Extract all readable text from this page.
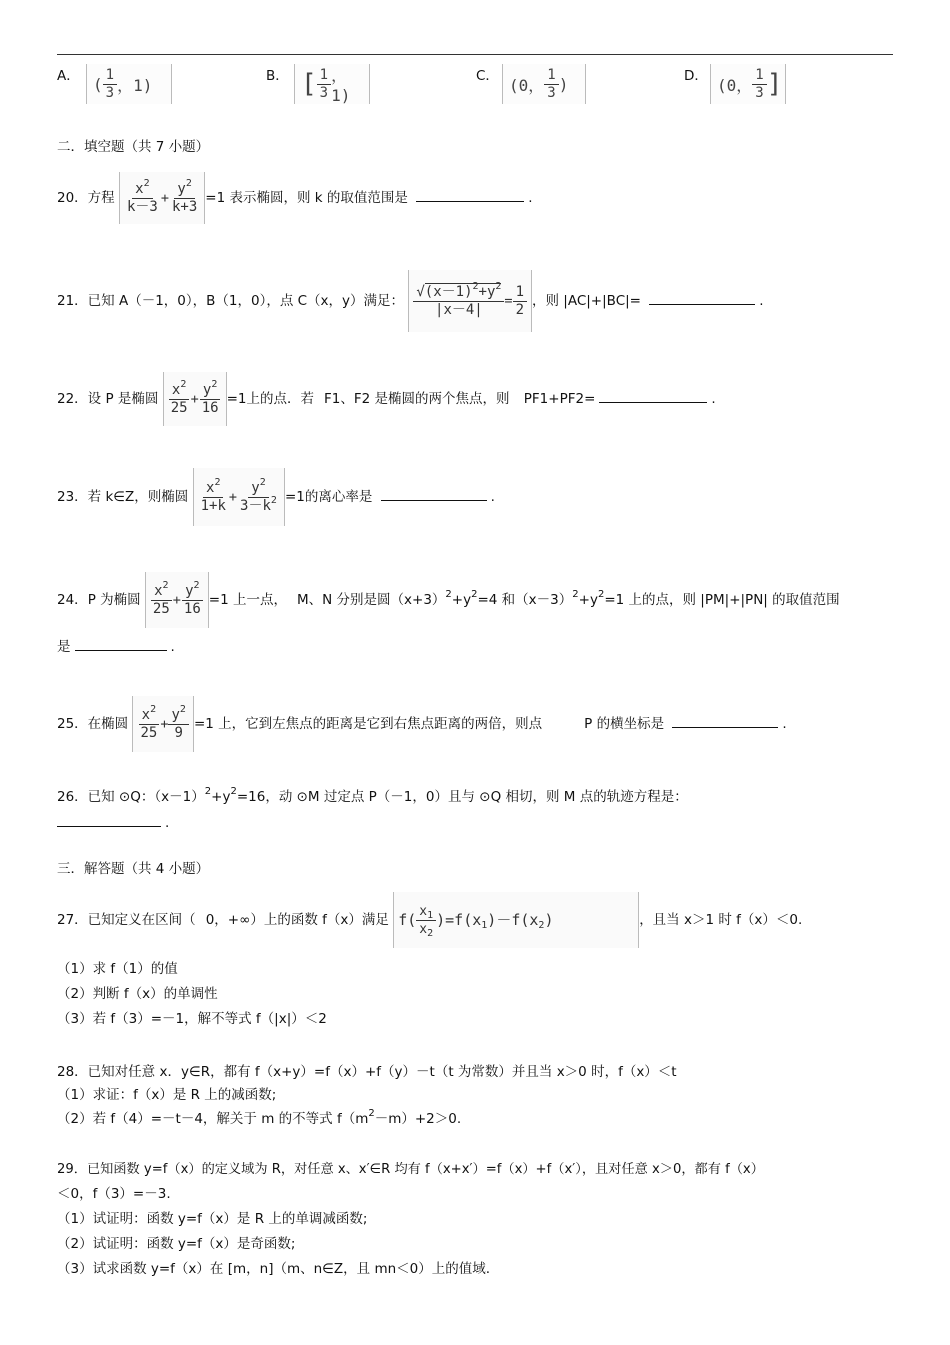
A． ( $\frac{1}{3}$ ，1)	B． [ $\frac{1}{3}$ ，1)
C． (0， $\frac{1}{3}$ )	D． (0， $\frac{1}{3}$ ]
二．填空题（共 7 小题）
20．方程 $\frac{x^2}{k-3} + \frac{y^2}{k+3} =1$ 表示椭圆，则 k 的取值范围是	.
21．已知 A（－1，0），B（1，0），点 C（x，y）满足： $\frac{√(x-1)^2+y^2}{|x-4|} = \frac{1}{2}$ ，则 |AC|+|BC|=	.
22．设 P 是椭圆 $\frac{x^2}{25} + \frac{y^2}{16} =1$上的点．若 F1、F2 是椭圆的两个焦点，则 PF1+PF2=	.
23．若 k∈Z，则椭圆 $\frac{x^2}{1+k} + \frac{y^2}{3-k^2} =1$的离心率是	.
24．P 为椭圆 $\frac{x^2}{25} + \frac{y^2}{16} =1$ 上一点， M、N 分别是圆$(x+3)^2+y^2=4$ 和$(x-3)^2+y^2=1$ 上的点，则 |PM|+|PN| 的取值范围
是	.
25．在椭圆 $\frac{x^2}{25} + \frac{y^2}{9} =1$ 上，它到左焦点的距离是它到右焦点距离的两倍，则点	P 的横坐标是	.
26．已知 ⊙Q：$(x-1)^2+y^2=16$，动 ⊙M 过定点 P（－1，0）且与 ⊙Q 相切，则 M 点的轨迹方程是：
.
三．解答题（共 4 小题）
27．已知定义在区间（ 0，+∞）上的函数 f（x）满足 $f( \frac{x_1}{x_2} )=f(x_1)-f(x_2)$	，且当 x＞1 时 f（x）＜0.
（1）求 f（1）的值
（2）判断 f（x）的单调性
（3）若 f（3）=－1，解不等式 f（|x|）＜2
28．已知对任意 x．y∈R，都有 f（x+y）=f（x）+f（y）－t（t 为常数）并且当 x＞0 时，f（x）＜t
（1）求证：f（x）是 R 上的减函数;
（2）若 f（4）=－t－4，解关于 m 的不等式 $f(m^2-m)+2>0$.
29．已知函数 y=f（x）的定义域为 R，对任意 x、x′∈R 均有 f（x+x′）=f（x）+f（x′），且对任意 x＞0，都有 f（x）
＜0，f（3）=－3.
（1）试证明：函数 y=f（x）是 R 上的单调减函数;
（2）试证明：函数 y=f（x）是奇函数;
（3）试求函数 y=f（x）在 [m，n]（m、n∈Z，且 mn＜0）上的值域.
